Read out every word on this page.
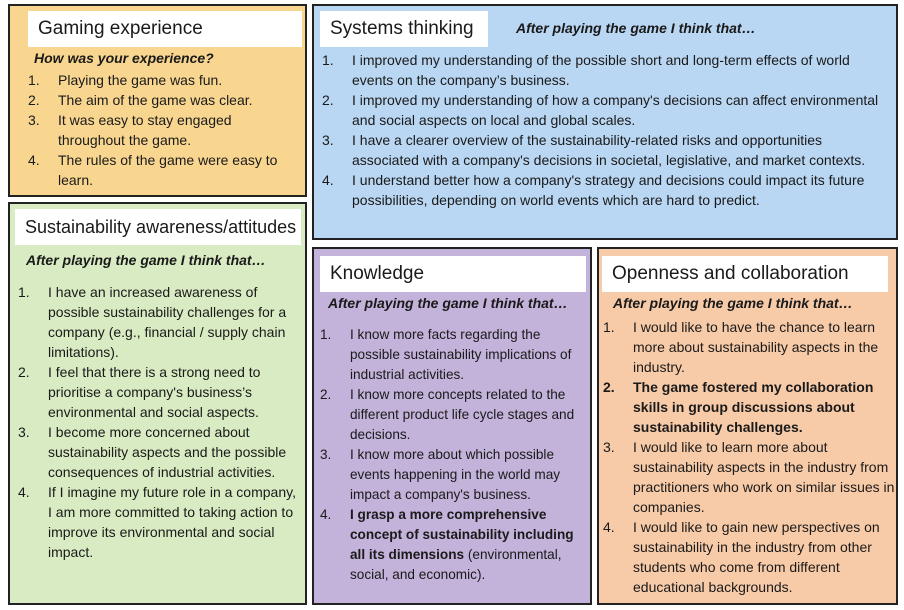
Gaming experience
How was your experience?
1. Playing the game was fun.
2. The aim of the game was clear.
3. It was easy to stay engaged throughout the game.
4. The rules of the game were easy to learn.
Systems thinking	After playing the game I think that…
1. I improved my understanding of the possible short and long-term effects of world events on the company’s business.
2. I improved my understanding of how a company's decisions can affect environmental and social aspects on local and global scales.
3. I have a clearer overview of the sustainability-related risks and opportunities associated with a company's decisions in societal, legislative, and market contexts.
4. I understand better how a company's strategy and decisions could impact its future possibilities, depending on world events which are hard to predict.
Sustainability awareness/attitudes
After playing the game I think that…
1. I have an increased awareness of possible sustainability challenges for a company (e.g., financial / supply chain limitations).
2. I feel that there is a strong need to prioritise a company's business’s environmental and social aspects.
3. I become more concerned about sustainability aspects and the possible consequences of industrial activities.
4. If I imagine my future role in a company, I am more committed to taking action to improve its environmental and social impact.
Knowledge
After playing the game I think that…
1. I know more facts regarding the possible sustainability implications of industrial activities.
2. I know more concepts related to the different product life cycle stages and decisions.
3. I know more about which possible events happening in the world may impact a company's business.
4. I grasp a more comprehensive concept of sustainability including all its dimensions (environmental, social, and economic).
Openness and collaboration
After playing the game I think that…
1. I would like to have the chance to learn more about sustainability aspects in the industry.
2. The game fostered my collaboration skills in group discussions about sustainability challenges.
3. I would like to learn more about sustainability aspects in the industry from practitioners who work on similar issues in companies.
4. I would like to gain new perspectives on sustainability in the industry from other students who come from different educational backgrounds.
